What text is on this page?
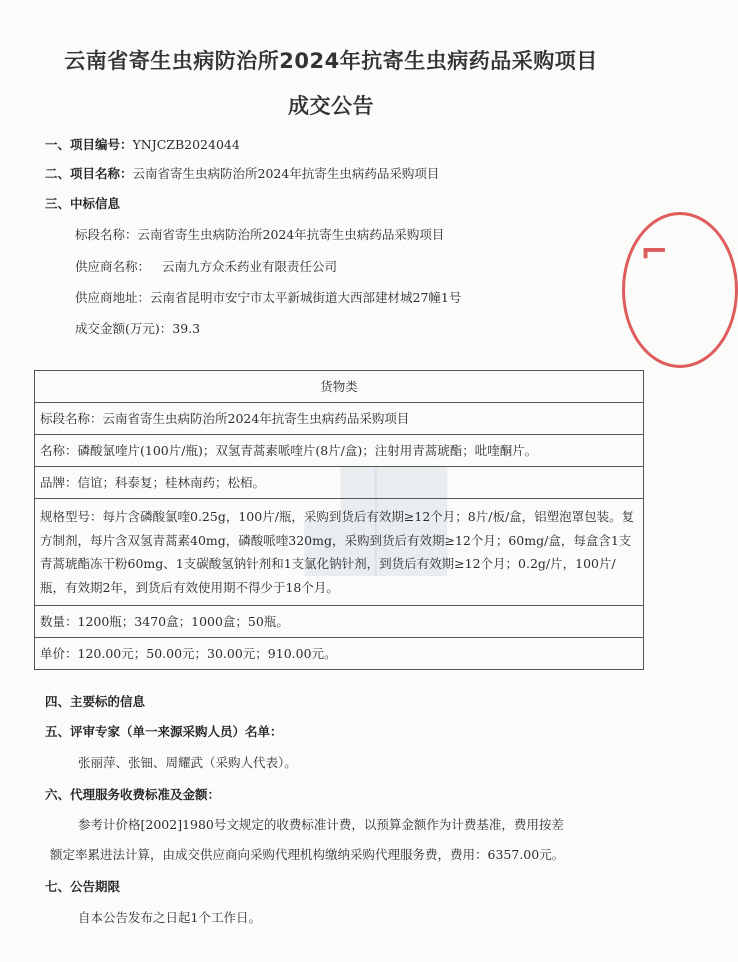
云南省寄生虫病防治所2024年抗寄生虫病药品采购项目
成交公告
一、项目编号：YNJCZB2024044
二、项目名称：云南省寄生虫病防治所2024年抗寄生虫病药品采购项目
三、中标信息
标段名称：云南省寄生虫病防治所2024年抗寄生虫病药品采购项目
供应商名称： 云南九方众禾药业有限责任公司
供应商地址：云南省昆明市安宁市太平新城街道大西部建材城27幢1号
成交金额(万元)：39.3
⌐
▟█
货物类
标段名称：云南省寄生虫病防治所2024年抗寄生虫病药品采购项目
名称：磷酸氯喹片(100片/瓶)；双氢青蒿素哌喹片(8片/盒)；注射用青蒿琥酯；吡喹酮片。
品牌：信谊；科泰复；桂林南药；松栢。
规格型号：每片含磷酸氯喹0.25g，100片/瓶，采购到货后有效期≥12个月；8片/板/盒，铝塑泡罩包装。复方制剂，每片含双氢青蒿素40mg，磷酸哌喹320mg，采购到货后有效期≥12个月；60mg/盒，每盒含1支青蒿琥酯冻干粉60mg、1支碳酸氢钠针剂和1支氯化钠针剂，到货后有效期≥12个月；0.2g/片，100片/瓶，有效期2年，到货后有效使用期不得少于18个月。
数量：1200瓶；3470盒；1000盒；50瓶。
单价：120.00元；50.00元；30.00元；910.00元。
四、主要标的信息
五、评审专家（单一来源采购人员）名单：
张丽萍、张钿、周耀武（采购人代表）。
六、代理服务收费标准及金额：
参考计价格[2002]1980号文规定的收费标准计费，以预算金额作为计费基准，费用按差
额定率累进法计算，由成交供应商向采购代理机构缴纳采购代理服务费，费用：6357.00元。
七、公告期限
自本公告发布之日起1个工作日。
